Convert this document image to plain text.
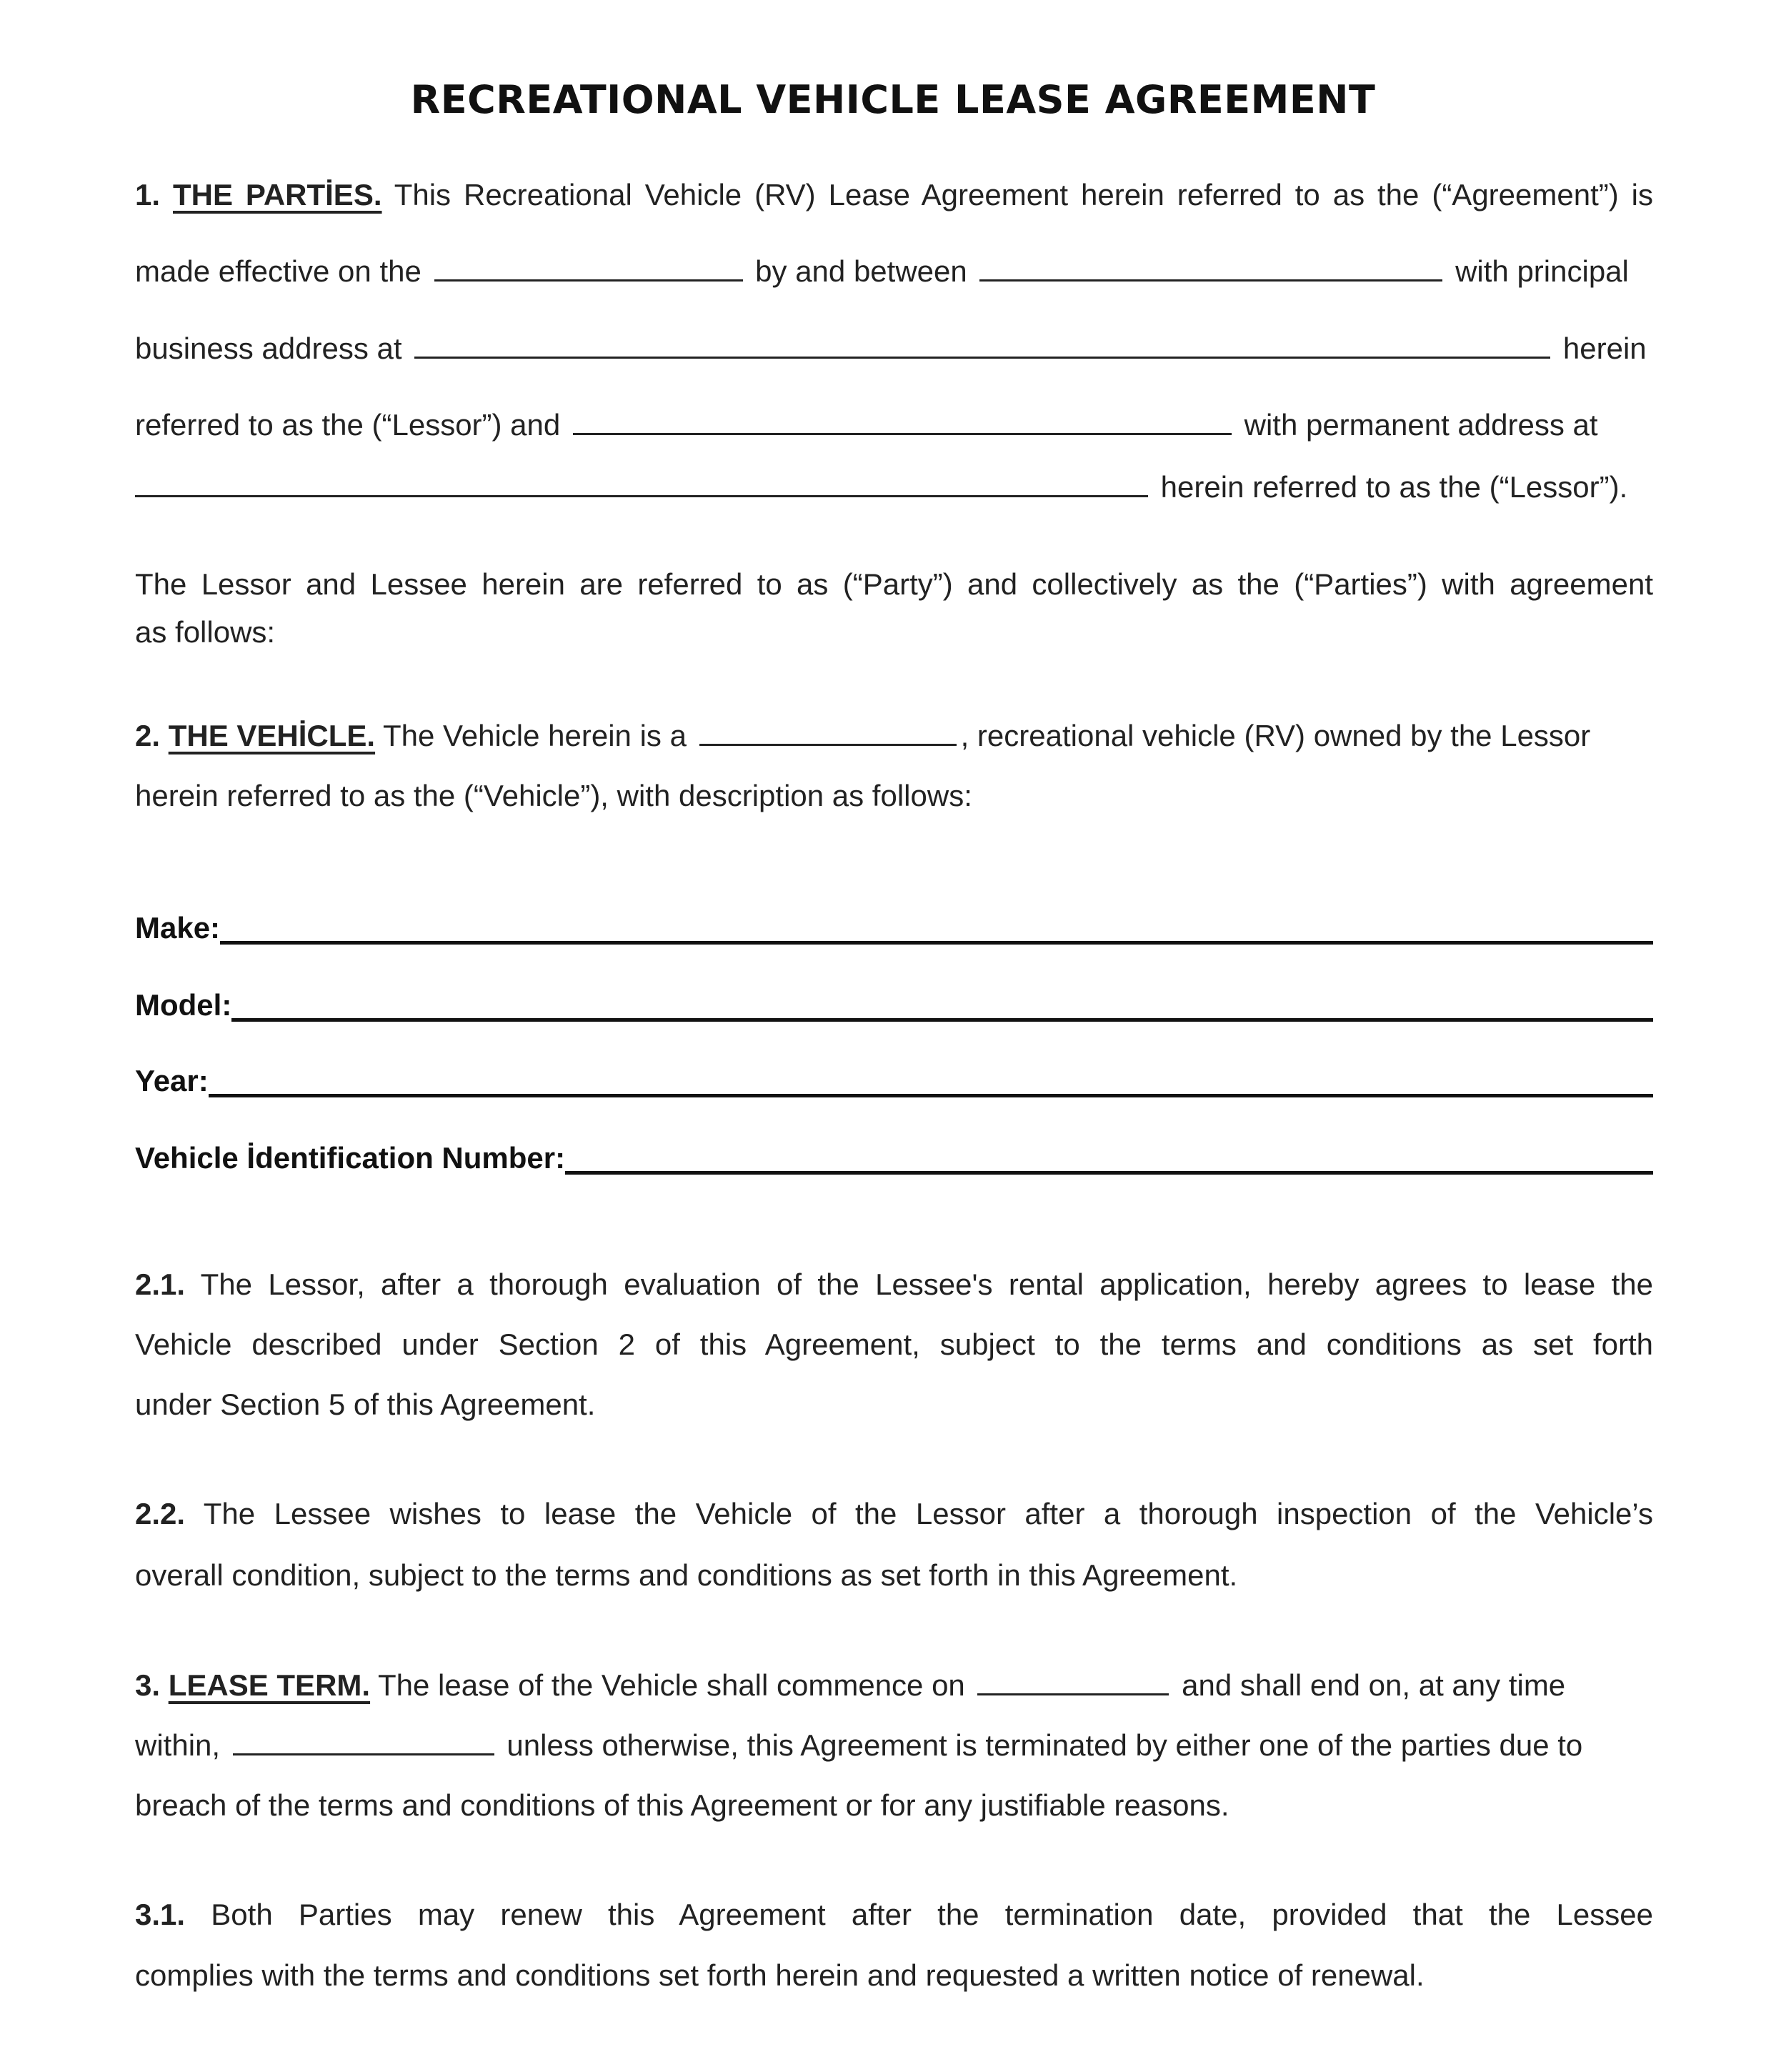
RECREATIONAL VEHICLE LEASE AGREEMENT
1. THE PARTİES. This Recreational Vehicle (RV) Lease Agreement herein referred to as the (“Agreement”) is
made effective on the	by and between	with principal
business address at	herein
referred to as the (“Lessor”) and	with permanent address at
herein referred to as the (“Lessor”).
The Lessor and Lessee herein are referred to as (“Party”) and collectively as the (“Parties”) with agreement
as follows:
2. THE VEHİCLE. The Vehicle herein is a	, recreational vehicle (RV) owned by the Lessor
herein referred to as the (“Vehicle”), with description as follows:
Make:
Model:
Year:
Vehicle İdentification Number:
2.1. The Lessor, after a thorough evaluation of the Lessee's rental application, hereby agrees to lease the
Vehicle described under Section 2 of this Agreement, subject to the terms and conditions as set forth
under Section 5 of this Agreement.
2.2. The Lessee wishes to lease the Vehicle of the Lessor after a thorough inspection of the Vehicle’s
overall condition, subject to the terms and conditions as set forth in this Agreement.
3. LEASE TERM. The lease of the Vehicle shall commence on	and shall end on, at any time
within,	unless otherwise, this Agreement is terminated by either one of the parties due to
breach of the terms and conditions of this Agreement or for any justifiable reasons.
3.1. Both Parties may renew this Agreement after the termination date, provided that the Lessee
complies with the terms and conditions set forth herein and requested a written notice of renewal.
